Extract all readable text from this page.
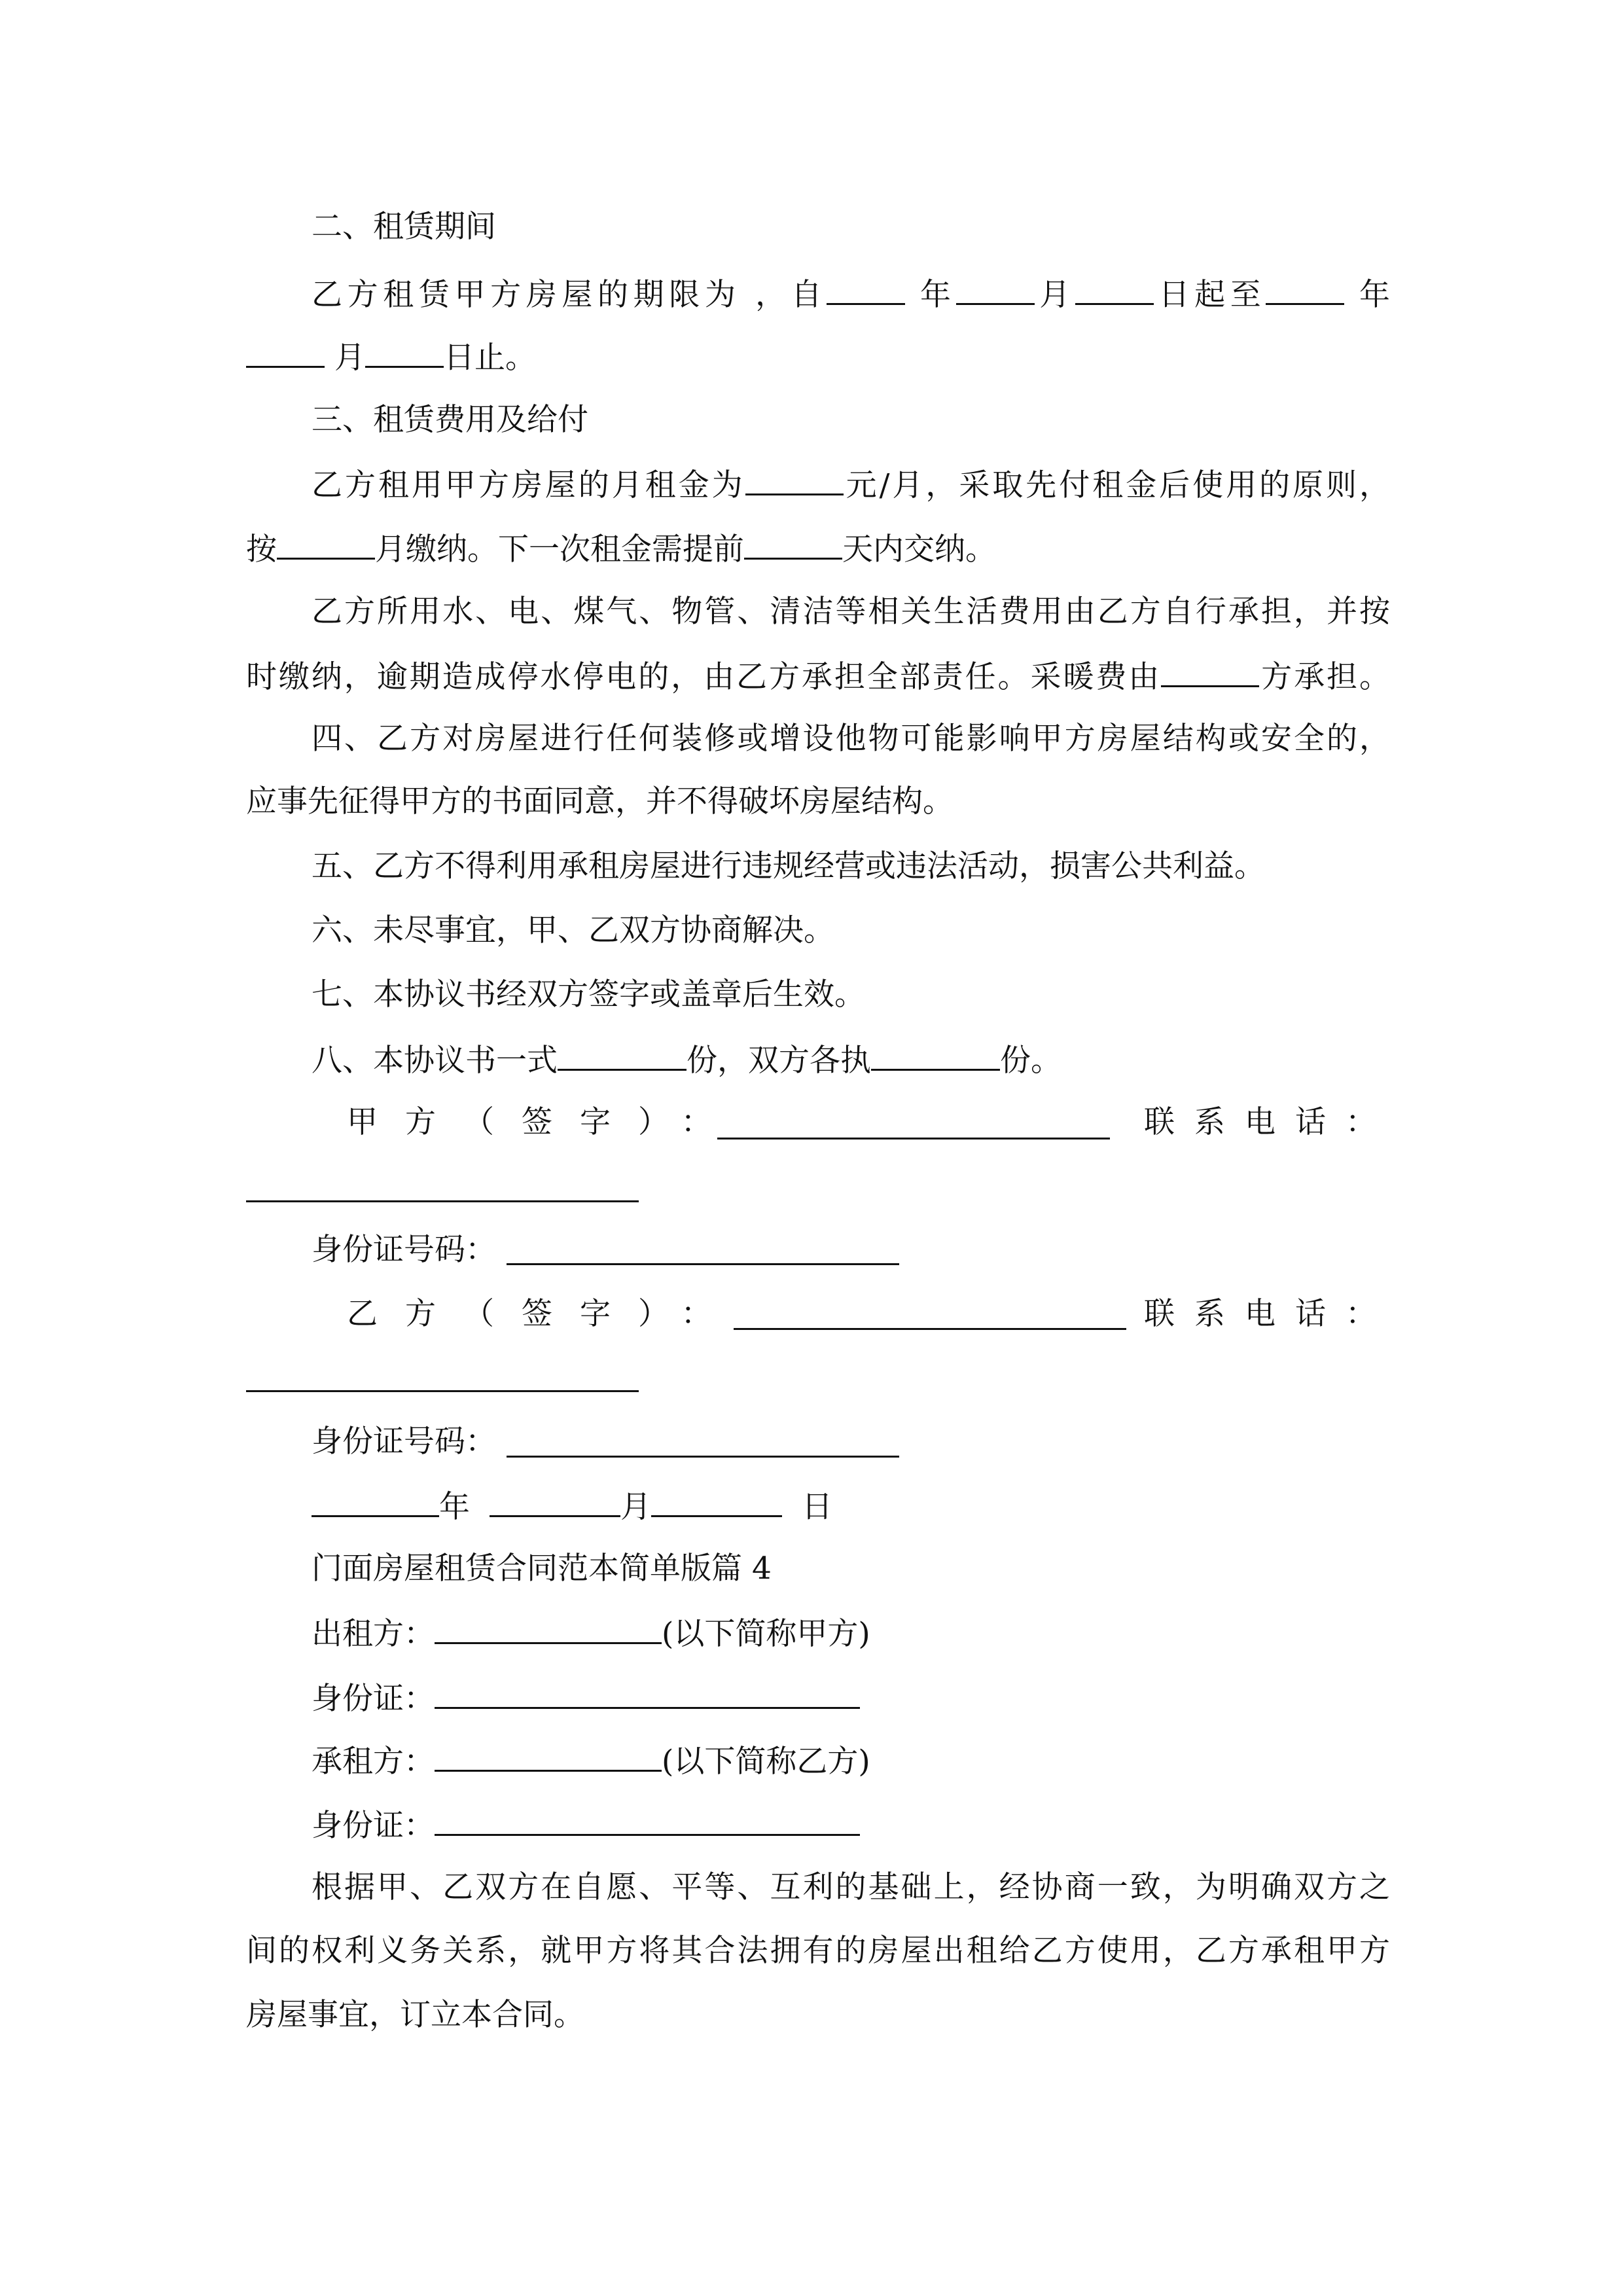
二、租赁期间
乙方租赁甲方房屋的期限为 ，自	年	月	日起至	年
月	日止。
三、租赁费用及给付
乙方租用甲方房屋的月租金为	元/月，采取先付租金后使用的原则，
按	月缴纳。下一次租金需提前	天内交纳。
乙方所用水、电、煤气、物管、清洁等相关生活费用由乙方自行承担，并按
时缴纳，逾期造成停水停电的，由乙方承担全部责任。采暖费由	方承担。
四、乙方对房屋进行任何装修或增设他物可能影响甲方房屋结构或安全的，
应事先征得甲方的书面同意，并不得破坏房屋结构。
五、乙方不得利用承租房屋进行违规经营或违法活动，损害公共利益。
六、未尽事宜，甲、乙双方协商解决。
七、本协议书经双方签字或盖章后生效。
八、本协议书一式	份，双方各执	份。
甲方（签字）：	联系电话：
身份证号码：
乙方（签字）：	联系电话：
身份证号码：
年	月	日
门面房屋租赁合同范本简单版篇 4
出租方：	(以下简称甲方)
身份证：
承租方：	(以下简称乙方)
身份证：
根据甲、乙双方在自愿、平等、互利的基础上，经协商一致，为明确双方之
间的权利义务关系，就甲方将其合法拥有的房屋出租给乙方使用，乙方承租甲方
房屋事宜，订立本合同。
